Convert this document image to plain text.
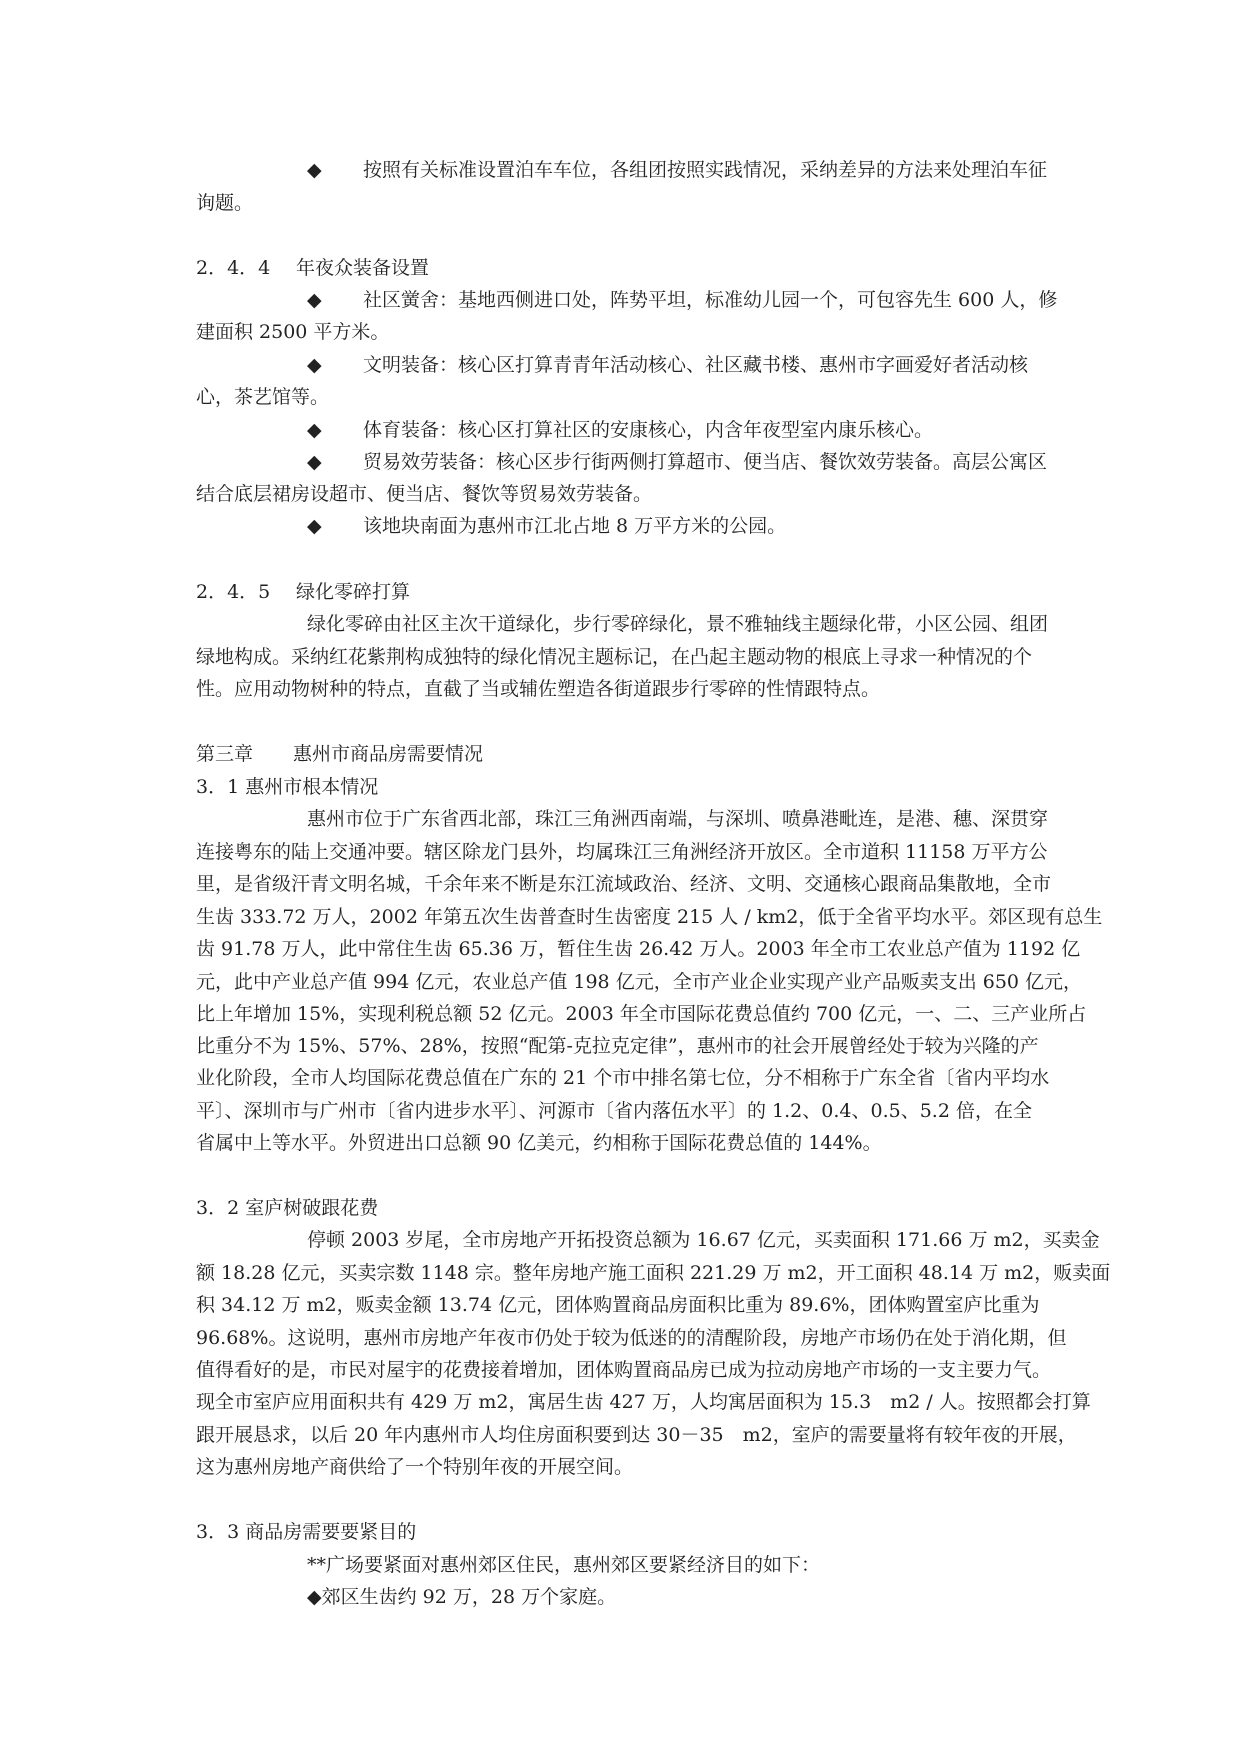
◆ 按照有关标准设置泊车车位，各组团按照实践情况，采纳差异的方法来处理泊车征
询题。
2．4．4 年夜众装备设置
◆ 社区黉舍：基地西侧进口处，阵势平坦，标准幼儿园一个，可包容先生 600 人，修
建面积 2500 平方米。
◆ 文明装备：核心区打算青青年活动核心、社区藏书楼、惠州市字画爱好者活动核
心，茶艺馆等。
◆ 体育装备：核心区打算社区的安康核心，内含年夜型室内康乐核心。
◆ 贸易效劳装备：核心区步行街两侧打算超市、便当店、餐饮效劳装备。高层公寓区
结合底层裙房设超市、便当店、餐饮等贸易效劳装备。
◆ 该地块南面为惠州市江北占地 8 万平方米的公园。
2．4．5 绿化零碎打算
绿化零碎由社区主次干道绿化，步行零碎绿化，景不雅轴线主题绿化带，小区公园、组团
绿地构成。采纳红花紫荆构成独特的绿化情况主题标记，在凸起主题动物的根底上寻求一种情况的个
性。应用动物树种的特点，直截了当或辅佐塑造各街道跟步行零碎的性情跟特点。
第三章 惠州市商品房需要情况
3．1 惠州市根本情况
惠州市位于广东省西北部，珠江三角洲西南端，与深圳、喷鼻港毗连，是港、穗、深贯穿
连接粤东的陆上交通冲要。辖区除龙门县外，均属珠江三角洲经济开放区。全市道积 11158 万平方公
里，是省级汗青文明名城，千余年来不断是东江流域政治、经济、文明、交通核心跟商品集散地，全市
生齿 333.72 万人，2002 年第五次生齿普查时生齿密度 215 人 / km2，低于全省平均水平。郊区现有总生
齿 91.78 万人，此中常住生齿 65.36 万，暂住生齿 26.42 万人。2003 年全市工农业总产值为 1192 亿
元，此中产业总产值 994 亿元，农业总产值 198 亿元，全市产业企业实现产业产品贩卖支出 650 亿元，
比上年增加 15%，实现利税总额 52 亿元。2003 年全市国际花费总值约 700 亿元，一、二、三产业所占
比重分不为 15%、57%、28%，按照“配第-克拉克定律”，惠州市的社会开展曾经处于较为兴隆的产
业化阶段，全市人均国际花费总值在广东的 21 个市中排名第七位，分不相称于广东全省〔省内平均水
平〕、深圳市与广州市〔省内进步水平〕、河源市〔省内落伍水平〕的 1.2、0.4、0.5、5.2 倍，在全
省属中上等水平。外贸进出口总额 90 亿美元，约相称于国际花费总值的 144%。
3．2 室庐树破跟花费
停顿 2003 岁尾，全市房地产开拓投资总额为 16.67 亿元，买卖面积 171.66 万 m2，买卖金
额 18.28 亿元，买卖宗数 1148 宗。整年房地产施工面积 221.29 万 m2，开工面积 48.14 万 m2，贩卖面
积 34.12 万 m2，贩卖金额 13.74 亿元，团体购置商品房面积比重为 89.6%，团体购置室庐比重为
96.68%。这说明，惠州市房地产年夜市仍处于较为低迷的的清醒阶段，房地产市场仍在处于消化期，但
值得看好的是，市民对屋宇的花费接着增加，团体购置商品房已成为拉动房地产市场的一支主要力气。
现全市室庐应用面积共有 429 万 m2，寓居生齿 427 万，人均寓居面积为 15.3　m2 / 人。按照都会打算
跟开展恳求，以后 20 年内惠州市人均住房面积要到达 30－35　m2，室庐的需要量将有较年夜的开展，
这为惠州房地产商供给了一个特别年夜的开展空间。
3．3 商品房需要要紧目的
**广场要紧面对惠州郊区住民，惠州郊区要紧经济目的如下：
◆郊区生齿约 92 万，28 万个家庭。
